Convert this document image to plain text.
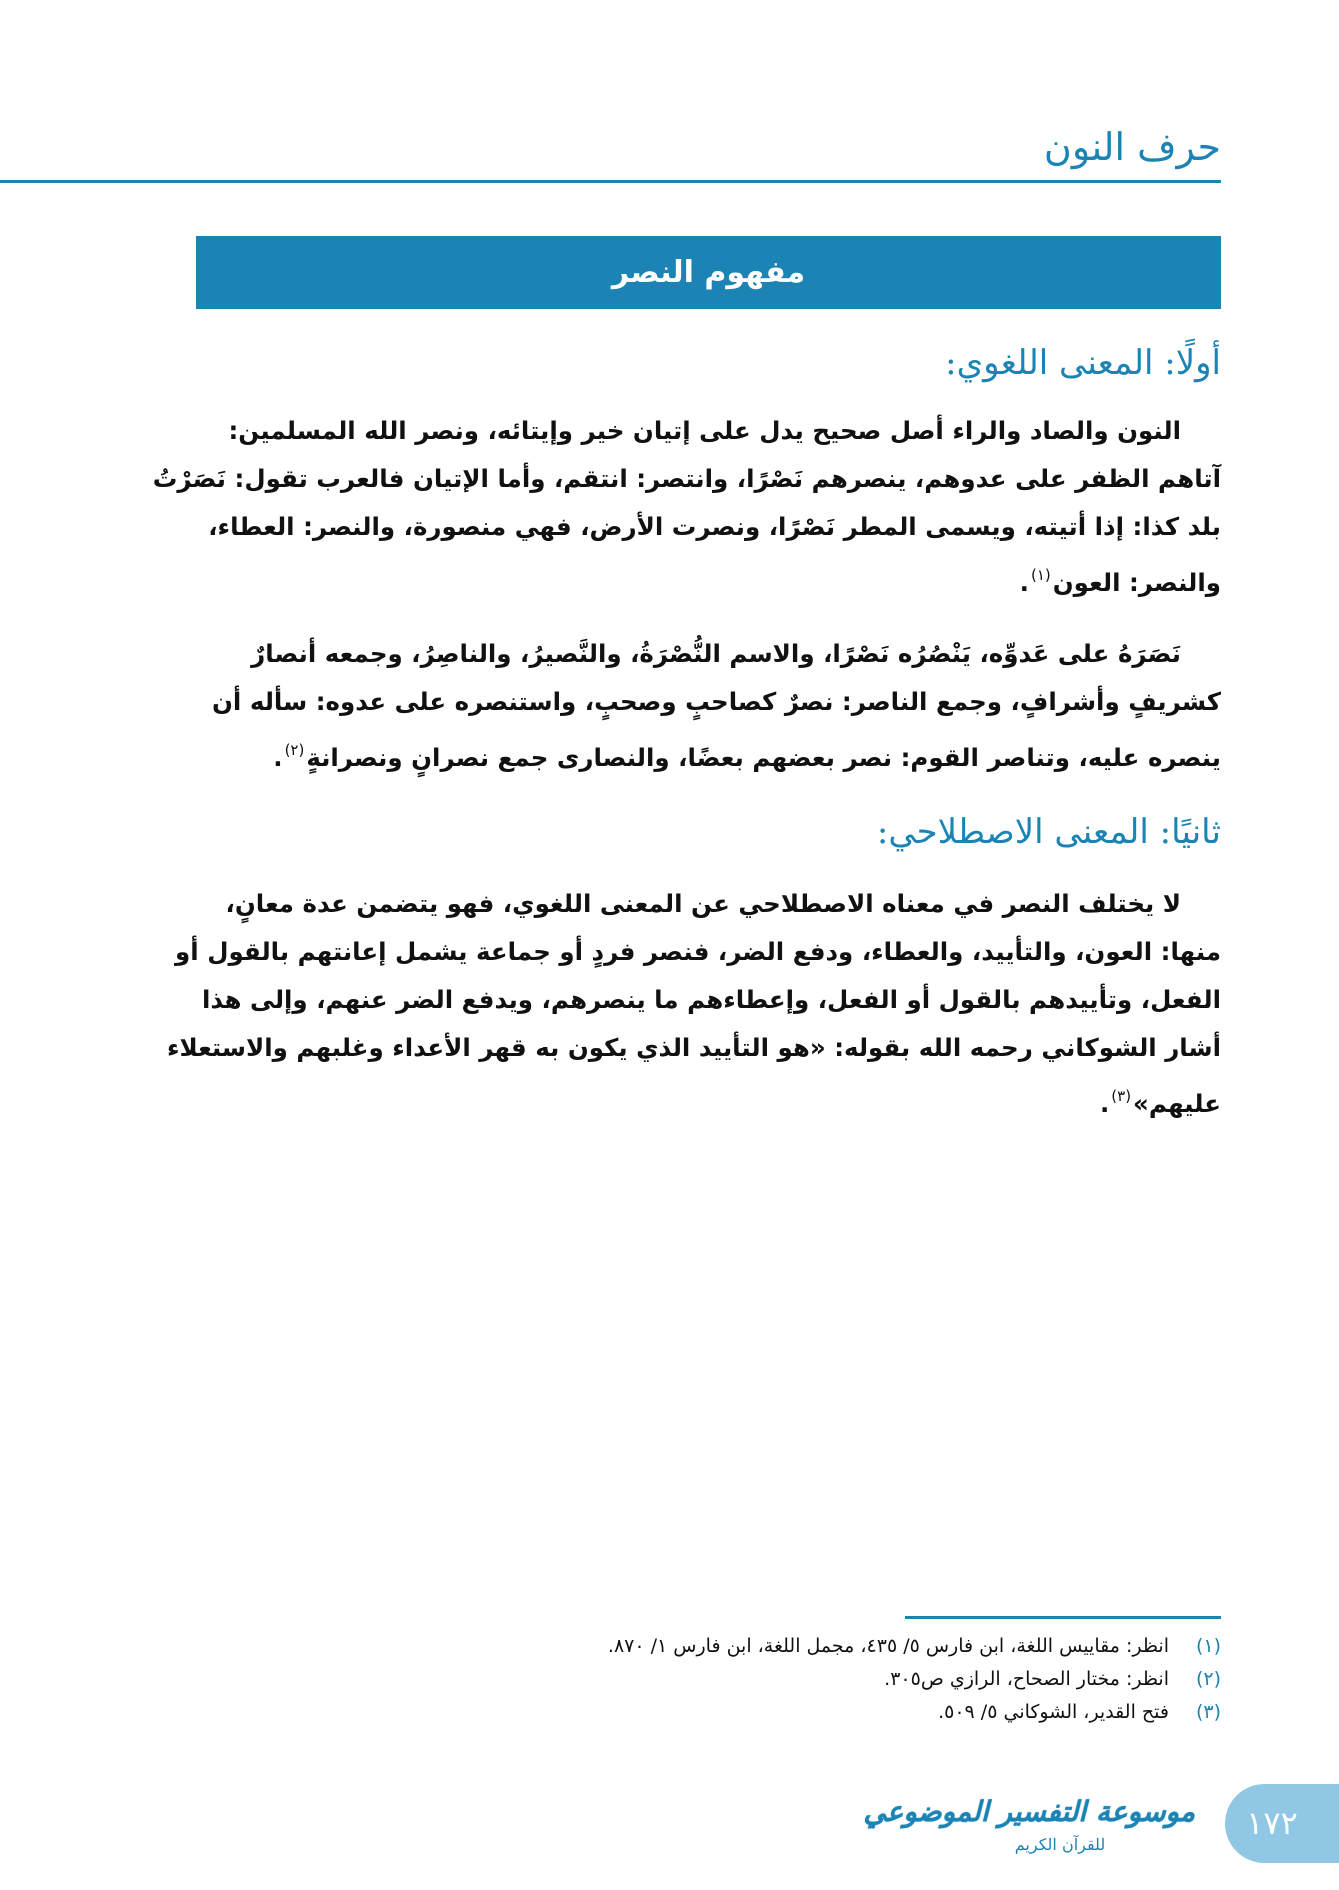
حرف النون
مفهوم النصر
أولًا: المعنى اللغوي:
النون والصاد والراء أصل صحيح يدل على إتيان خير وإيتائه، ونصر الله المسلمين:
آتاهم الظفر على عدوهم، ينصرهم نَصْرًا، وانتصر: انتقم، وأما الإتيان فالعرب تقول: نَصَرْتُ
بلد كذا: إذا أتيته، ويسمى المطر نَصْرًا، ونصرت الأرض، فهي منصورة، والنصر: العطاء،
والنصر: العون$^{(١)}$.
نَصَرَهُ على عَدوِّه، يَنْصُرُه نَصْرًا، والاسم النُّصْرَةُ، والنَّصيرُ، والناصِرُ، وجمعه أنصارٌ
كشريفٍ وأشرافٍ، وجمع الناصر: نصرٌ كصاحبٍ وصحبٍ، واستنصره على عدوه: سأله أن
ينصره عليه، وتناصر القوم: نصر بعضهم بعضًا، والنصارى جمع نصرانٍ ونصرانةٍ$^{(٢)}$.
ثانيًا: المعنى الاصطلاحي:
لا يختلف النصر في معناه الاصطلاحي عن المعنى اللغوي، فهو يتضمن عدة معانٍ،
منها: العون، والتأييد، والعطاء، ودفع الضر، فنصر فردٍ أو جماعة يشمل إعانتهم بالقول أو
الفعل، وتأييدهم بالقول أو الفعل، وإعطاءهم ما ينصرهم، ويدفع الضر عنهم، وإلى هذا
أشار الشوكاني رحمه الله بقوله: «هو التأييد الذي يكون به قهر الأعداء وغلبهم والاستعلاء
عليهم»$^{(٣)}$.
(١)
انظر: مقاييس اللغة، ابن فارس ٥/ ٤٣٥، مجمل اللغة، ابن فارس ١/ ٨٧٠.
(٢)
انظر: مختار الصحاح، الرازي ص٣٠٥.
(٣)
فتح القدير، الشوكاني ٥/ ٥٠٩.
موسوعة التفسير الموضوعي
للقرآن الكريم
١٧٢
